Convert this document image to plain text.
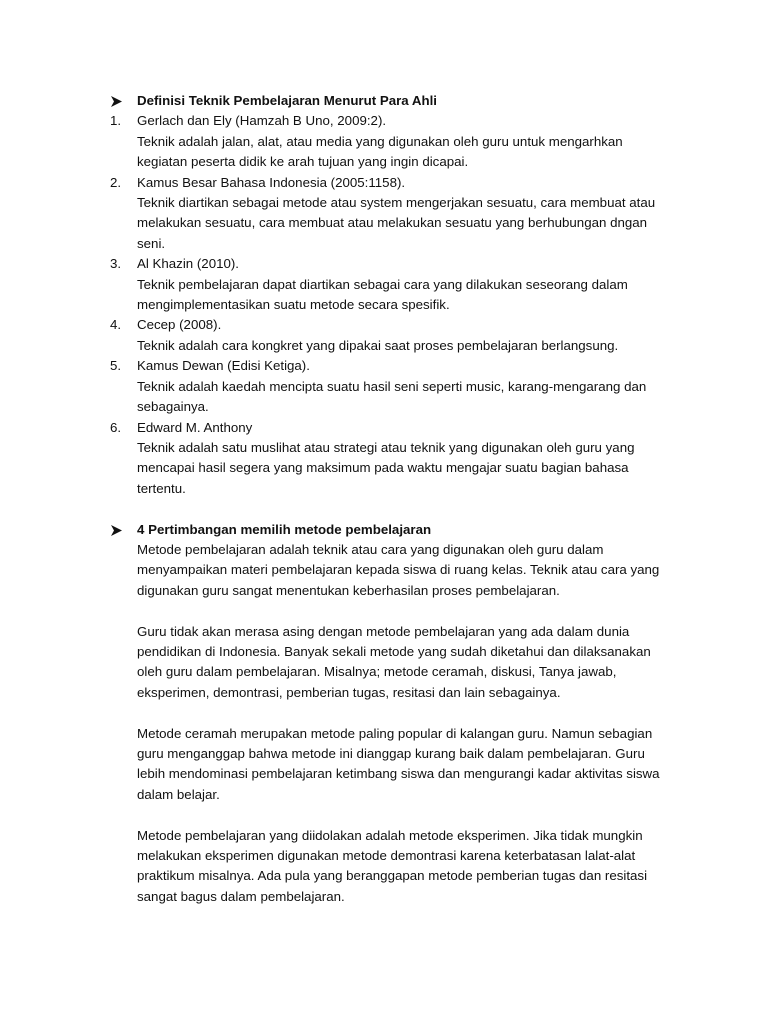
Definisi Teknik Pembelajaran Menurut Para Ahli
1. Gerlach dan Ely (Hamzah B Uno, 2009:2).
Teknik adalah jalan, alat, atau media yang digunakan oleh guru untuk mengarhkan
kegiatan peserta didik ke arah tujuan yang ingin dicapai.
2. Kamus Besar Bahasa Indonesia (2005:1158).
Teknik diartikan sebagai metode atau system mengerjakan sesuatu, cara membuat atau
melakukan sesuatu, cara membuat atau melakukan sesuatu yang berhubungan dngan
seni.
3. Al Khazin (2010).
Teknik pembelajaran dapat diartikan sebagai cara yang dilakukan seseorang dalam
mengimplementasikan suatu metode secara spesifik.
4. Cecep (2008).
Teknik adalah cara kongkret yang dipakai saat proses pembelajaran berlangsung.
5. Kamus Dewan (Edisi Ketiga).
Teknik adalah kaedah mencipta suatu hasil seni seperti music, karang-mengarang dan
sebagainya.
6. Edward M. Anthony
Teknik adalah satu muslihat atau strategi atau teknik yang digunakan oleh guru yang
mencapai hasil segera yang maksimum pada waktu mengajar suatu bagian bahasa
tertentu.
4 Pertimbangan memilih metode pembelajaran
Metode pembelajaran adalah teknik atau cara yang digunakan oleh guru dalam
menyampaikan materi pembelajaran kepada siswa di ruang kelas. Teknik atau cara yang
digunakan guru sangat menentukan keberhasilan proses pembelajaran.
Guru tidak akan merasa asing dengan metode pembelajaran yang ada dalam dunia
pendidikan di Indonesia. Banyak sekali metode yang sudah diketahui dan dilaksanakan
oleh guru dalam pembelajaran. Misalnya; metode ceramah, diskusi, Tanya jawab,
eksperimen, demontrasi, pemberian tugas, resitasi dan lain sebagainya.
Metode ceramah merupakan metode paling popular di kalangan guru. Namun sebagian
guru menganggap bahwa metode ini dianggap kurang baik dalam pembelajaran. Guru
lebih mendominasi pembelajaran ketimbang siswa dan mengurangi kadar aktivitas siswa
dalam belajar.
Metode pembelajaran yang diidolakan adalah metode eksperimen. Jika tidak mungkin
melakukan eksperimen digunakan metode demontrasi karena keterbatasan lalat-alat
praktikum misalnya. Ada pula yang beranggapan metode pemberian tugas dan resitasi
sangat bagus dalam pembelajaran.
